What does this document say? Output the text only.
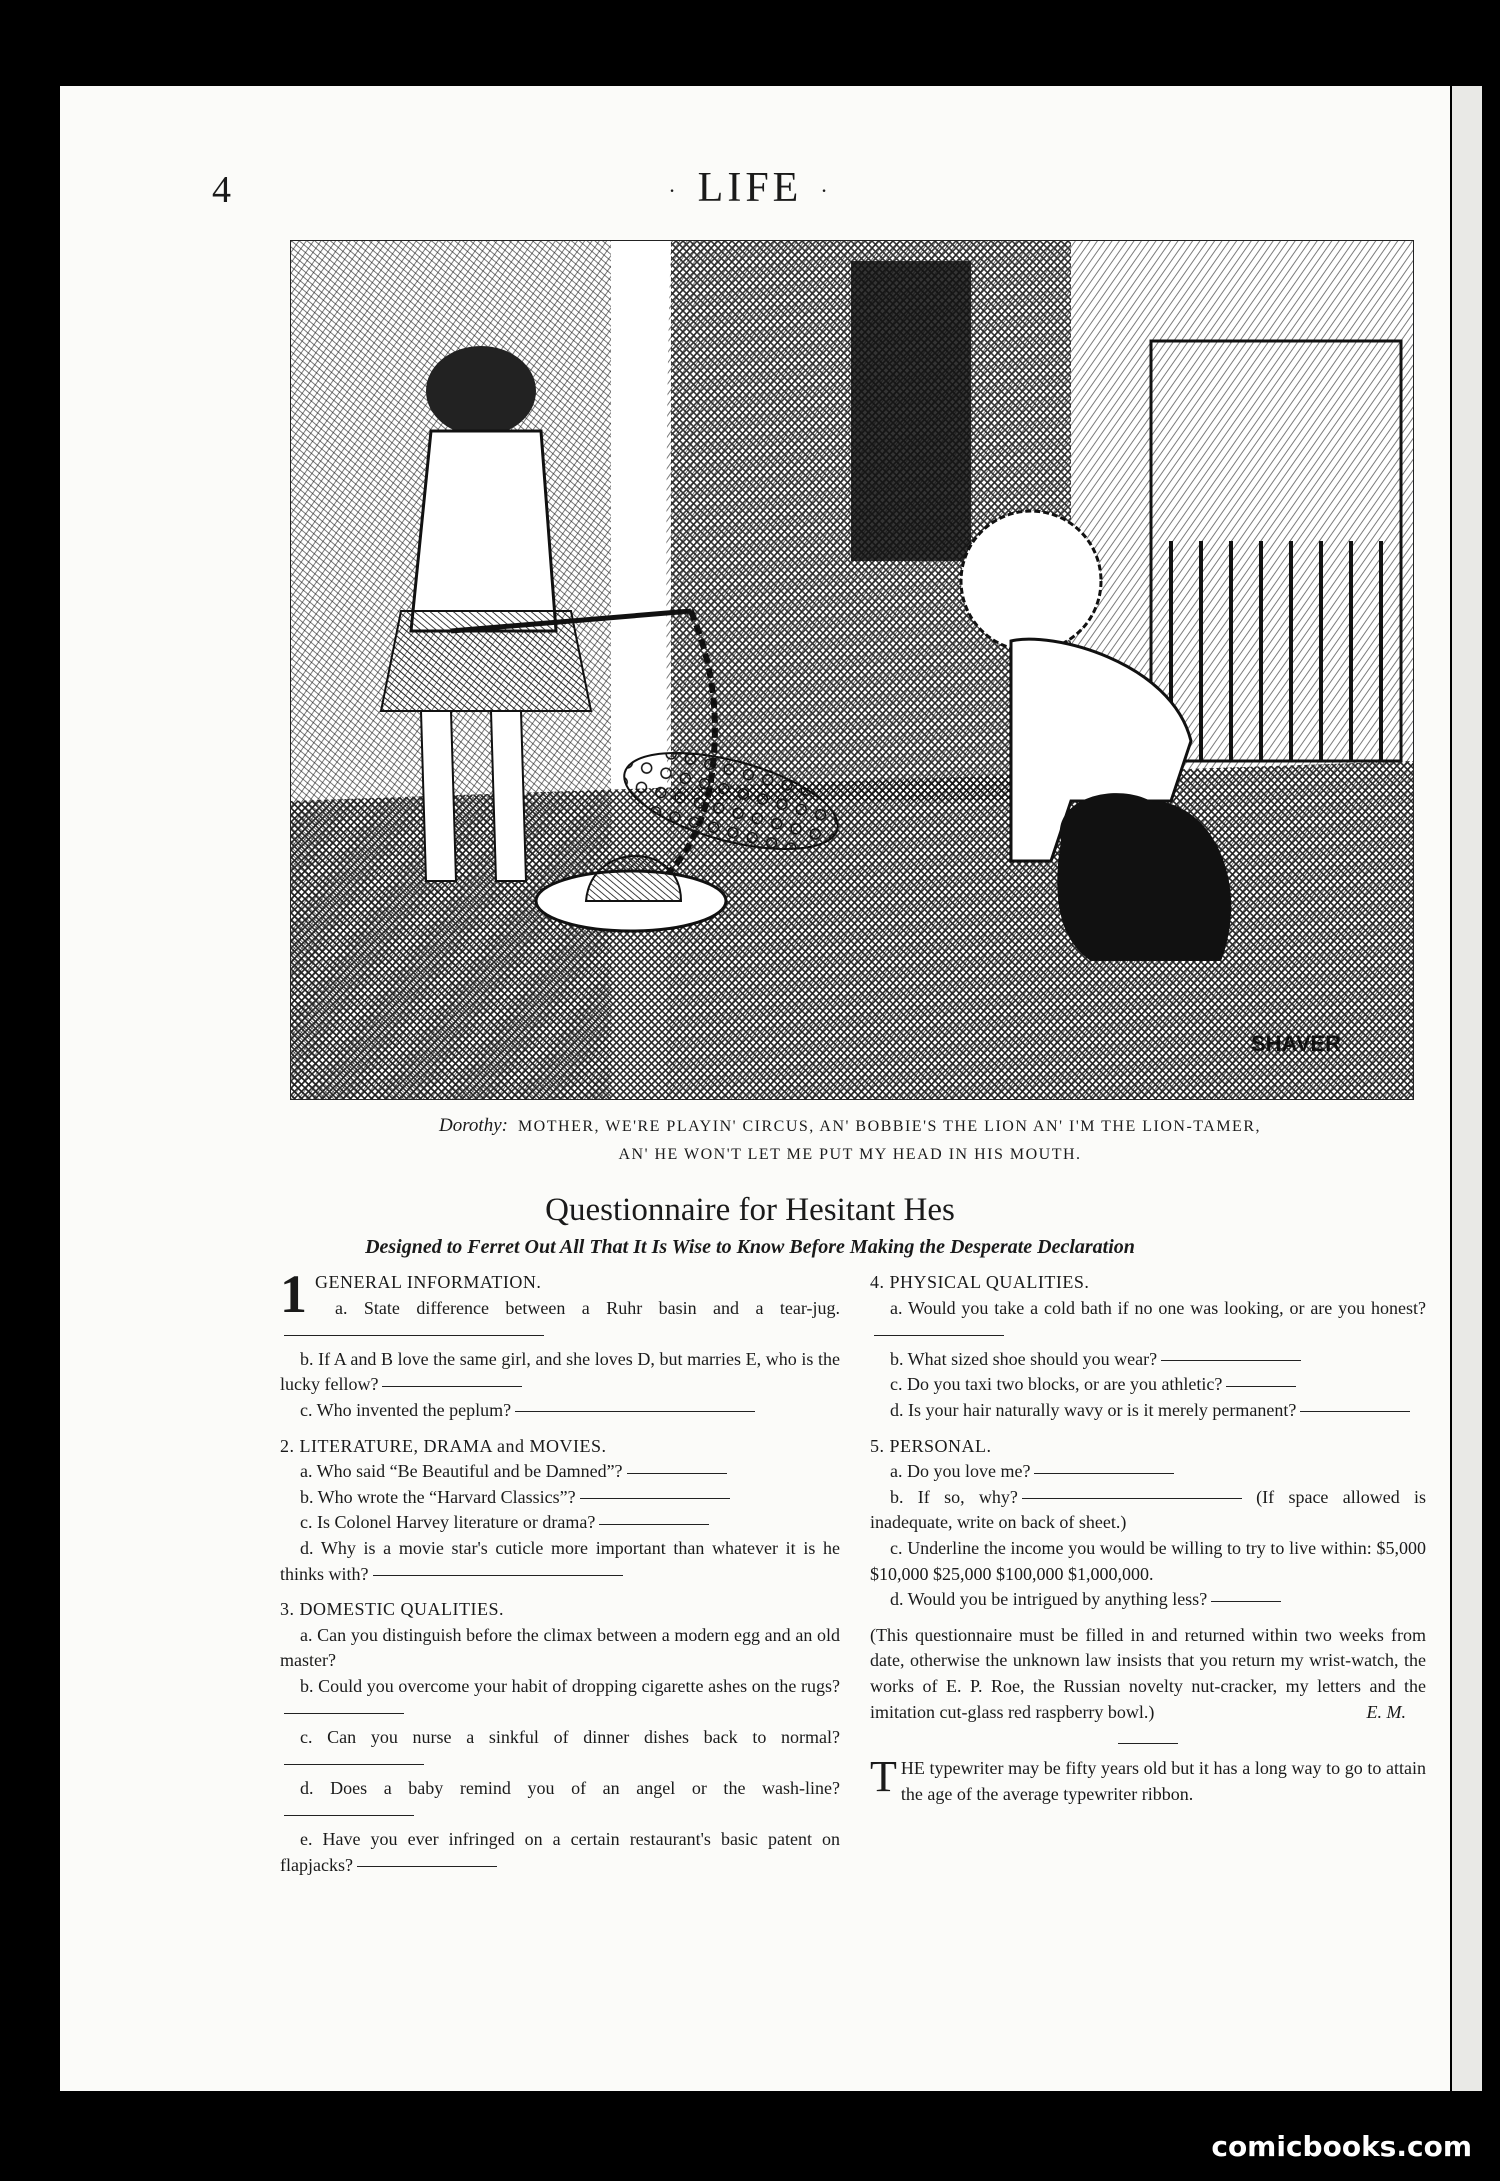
4	· LIFE ·
SHAVER
Dorothy: MOTHER, WE'RE PLAYIN' CIRCUS, AN' BOBBIE'S THE LION AN' I'M THE LION-TAMER,
AN' HE WON'T LET ME PUT MY HEAD IN HIS MOUTH.
Questionnaire for Hesitant Hes
Designed to Ferret Out All That It Is Wise to Know Before Making the Desperate Declaration
1 GENERAL INFORMATION.
a. State difference between a Ruhr basin and a tear-jug.
b. If A and B love the same girl, and she loves D, but marries E, who is the lucky fellow?
c. Who invented the peplum?
2. LITERATURE, DRAMA and MOVIES.
a. Who said “Be Beautiful and be Damned”?
b. Who wrote the “Harvard Classics”?
c. Is Colonel Harvey literature or drama?
d. Why is a movie star's cuticle more important than whatever it is he thinks with?
3. DOMESTIC QUALITIES.
a. Can you distinguish before the climax between a modern egg and an old master?
b. Could you overcome your habit of dropping cigarette ashes on the rugs?
c. Can you nurse a sinkful of dinner dishes back to normal?
d. Does a baby remind you of an angel or the wash-line?
e. Have you ever infringed on a certain restaurant's basic patent on flapjacks?
4. PHYSICAL QUALITIES.
a. Would you take a cold bath if no one was looking, or are you honest?
b. What sized shoe should you wear?
c. Do you taxi two blocks, or are you athletic?
d. Is your hair naturally wavy or is it merely permanent?
5. PERSONAL.
a. Do you love me?
b. If so, why?	(If space allowed is inadequate, write on back of sheet.)
c. Underline the income you would be willing to try to live within: $5,000 $10,000 $25,000 $100,000 $1,000,000.
d. Would you be intrigued by anything less?
(This questionnaire must be filled in and returned within two weeks from date, otherwise the unknown law insists that you return my wrist-watch, the works of E. P. Roe, the Russian novelty nut-cracker, my letters and the imitation cut-glass red raspberry bowl.)	E. M.
THE typewriter may be fifty years old but it has a long way to go to attain the age of the average typewriter ribbon.
comicbooks.com
